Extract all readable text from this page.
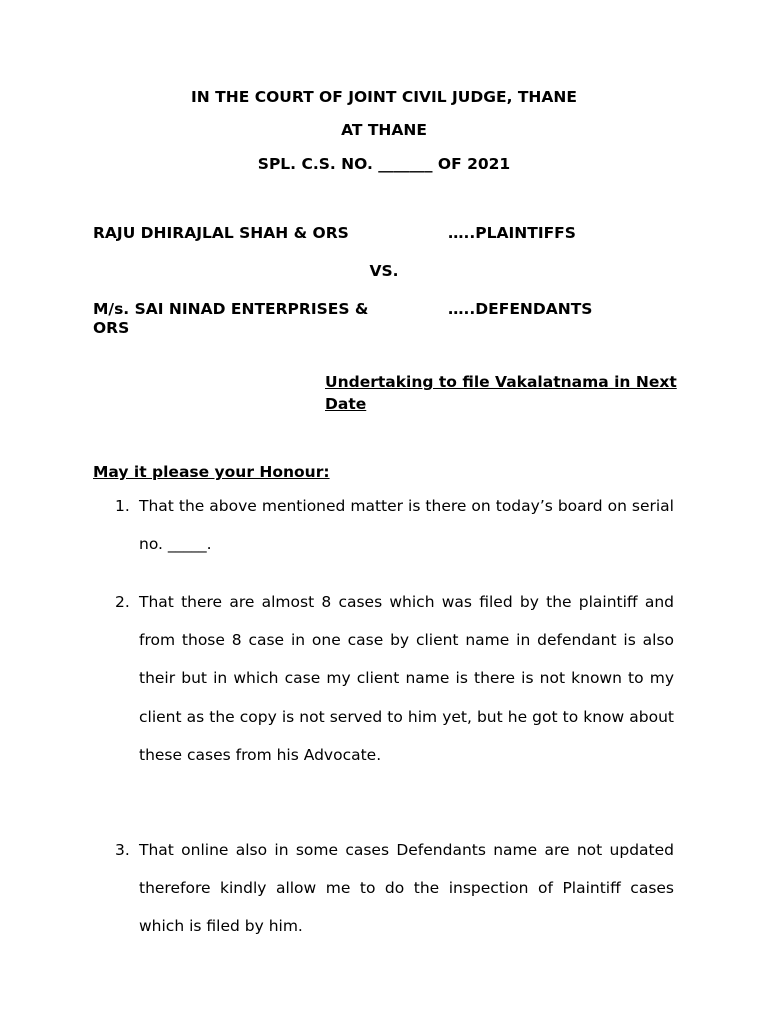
IN THE COURT OF JOINT CIVIL JUDGE, THANE
AT THANE
SPL. C.S. NO. _______ OF 2021
RAJU DHIRAJLAL SHAH & ORS	…..PLAINTIFFS
VS.
M/s. SAI NINAD ENTERPRISES & ORS
…..DEFENDANTS
Undertaking to file Vakalatnama in Next Date
May it please your Honour:
1. That the above mentioned matter is there on today’s board on serial no. _____.
2. That there are almost 8 cases which was filed by the plaintiff and from those 8 case in one case by client name in defendant is also their but in which case my client name is there is not known to my client as the copy is not served to him yet, but he got to know about these cases from his Advocate.
3. That online also in some cases Defendants name are not updated therefore kindly allow me to do the inspection of Plaintiff cases which is filed by him.
